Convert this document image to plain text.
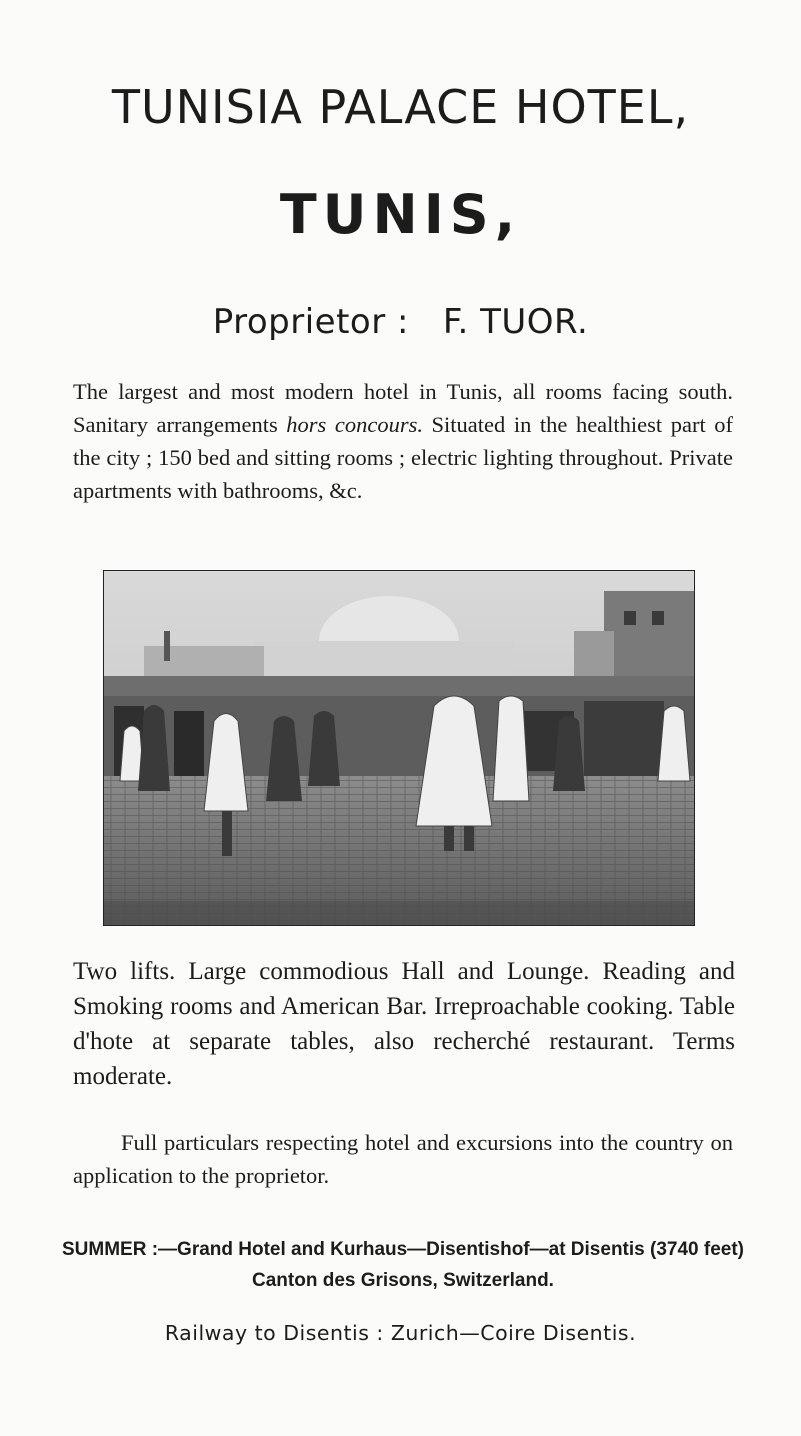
TUNISIA PALACE HOTEL,
TUNIS,

Proprietor : F. TUOR.

The largest and most modern hotel in Tunis, all rooms facing south. Sanitary arrangements hors concours. Situated in the healthiest part of the city ; 150 bed and sitting rooms ; electric lighting throughout. Private apartments with bathrooms, &c.

Two lifts. Large commodious Hall and Lounge. Reading and Smoking rooms and American Bar. Irreproachable cooking. Table d'hote at separate tables, also recherché restaurant. Terms moderate.

Full particulars respecting hotel and excursions into the country on application to the proprietor.

SUMMER :—Grand Hotel and Kurhaus—Disentishof—at Disentis (3740 feet) Canton des Grisons, Switzerland.

Railway to Disentis : Zurich—Coire Disentis.
